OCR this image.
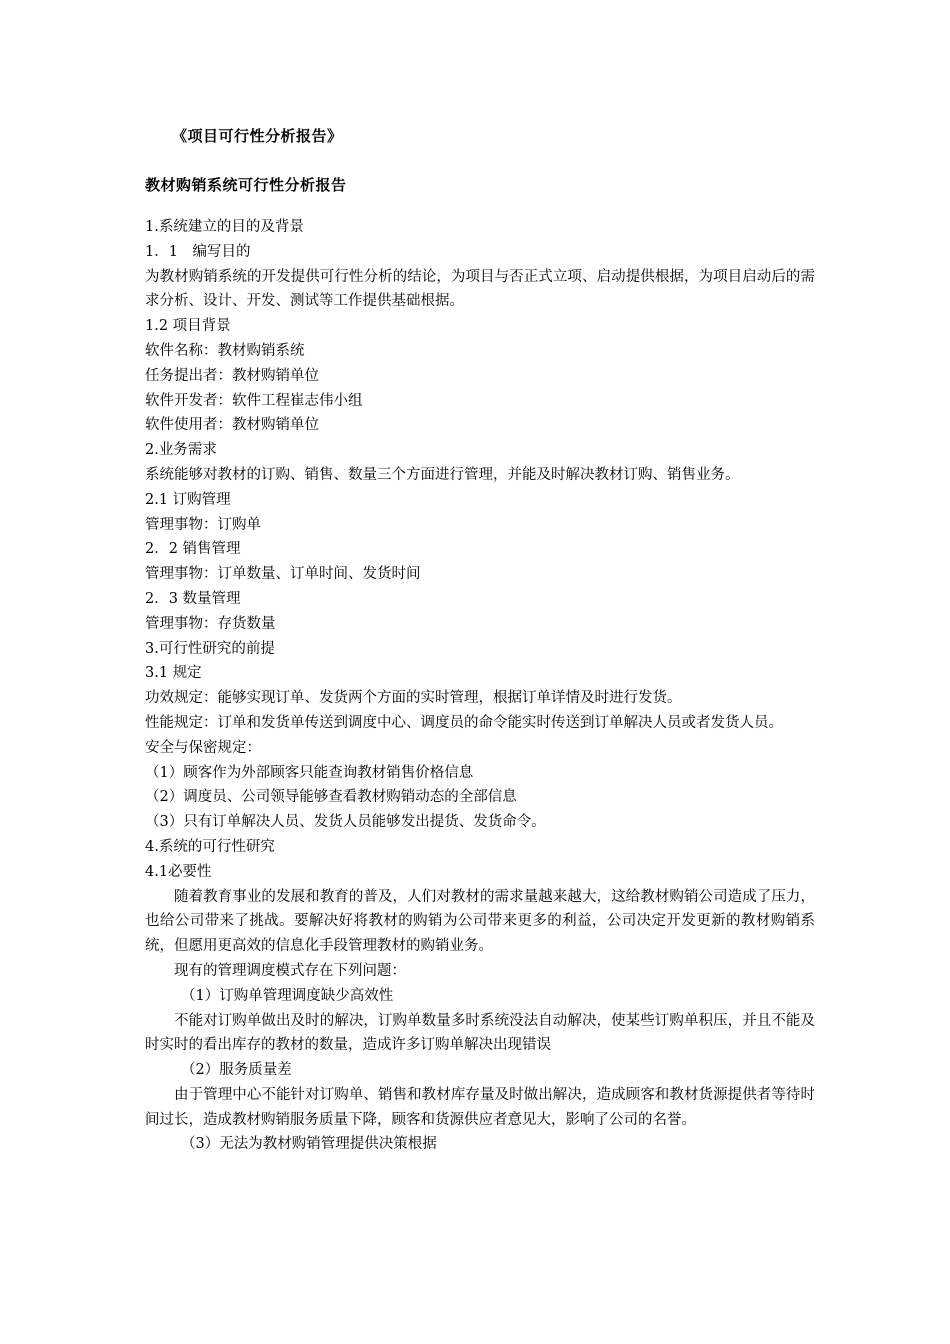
《项目可行性分析报告》
教材购销系统可行性分析报告

1.系统建立的目的及背景

1．1　编写目的

为教材购销系统的开发提供可行性分析的结论，为项目与否正式立项、启动提供根据，为项目启动后的需求分析、设计、开发、测试等工作提供基础根据。

1.2 项目背景

软件名称：教材购销系统

任务提出者：教材购销单位

软件开发者：软件工程崔志伟小组

软件使用者：教材购销单位

2.业务需求

系统能够对教材的订购、销售、数量三个方面进行管理，并能及时解决教材订购、销售业务。

2.1 订购管理

管理事物：订购单

2．2 销售管理

管理事物：订单数量、订单时间、发货时间

2．3 数量管理

管理事物：存货数量

3.可行性研究的前提

3.1 规定

功效规定：能够实现订单、发货两个方面的实时管理，根据订单详情及时进行发货。

性能规定：订单和发货单传送到调度中心、调度员的命令能实时传送到订单解决人员或者发货人员。

安全与保密规定：

（1）顾客作为外部顾客只能查询教材销售价格信息

（2）调度员、公司领导能够查看教材购销动态的全部信息

（3）只有订单解决人员、发货人员能够发出提货、发货命令。

4.系统的可行性研究

4.1必要性

随着教育事业的发展和教育的普及，人们对教材的需求量越来越大，这给教材购销公司造成了压力，也给公司带来了挑战。要解决好将教材的购销为公司带来更多的利益，公司决定开发更新的教材购销系统，但愿用更高效的信息化手段管理教材的购销业务。

现有的管理调度模式存在下列问题：

（1）订购单管理调度缺少高效性

不能对订购单做出及时的解决，订购单数量多时系统没法自动解决，使某些订购单积压，并且不能及时实时的看出库存的教材的数量，造成许多订购单解决出现错误

（2）服务质量差

由于管理中心不能针对订购单、销售和教材库存量及时做出解决，造成顾客和教材货源提供者等待时间过长，造成教材购销服务质量下降，顾客和货源供应者意见大，影响了公司的名誉。

（3）无法为教材购销管理提供决策根据
